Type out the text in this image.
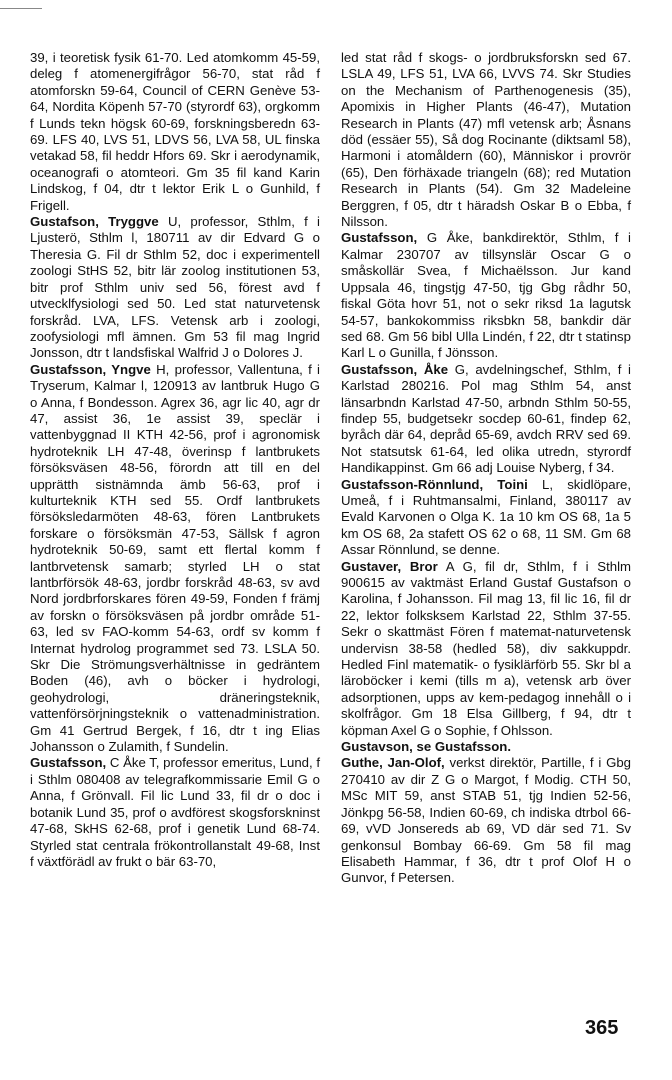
39, i teoretisk fysik 61-70. Led atomkomm 45-59, deleg f atomenergifrågor 56-70, stat råd f atomforskn 59-64, Council of CERN Genève 53-64, Nordita Köpenh 57-70 (styrordf 63), orgkomm f Lunds tekn högsk 60-69, forskningsberedn 63-69. LFS 40, LVS 51, LDVS 56, LVA 58, UL finska vetakad 58, fil heddr Hfors 69. Skr i aerodynamik, oceanografi o atomteori. Gm 35 fil kand Karin Lindskog, f 04, dtr t lektor Erik L o Gunhild, f Frigell.

Gustafson, Tryggve U, professor, Sthlm, f i Ljusterö, Sthlm l, 180711 av dir Edvard G o Theresia G. Fil dr Sthlm 52, doc i experimentell zoologi StHS 52, bitr lär zoolog institutionen 53, bitr prof Sthlm univ sed 56, förest avd f utvecklfysiologi sed 50. Led stat naturvetensk forskråd. LVA, LFS. Vetensk arb i zoologi, zoofysiologi mfl ämnen. Gm 53 fil mag Ingrid Jonsson, dtr t landsfiskal Walfrid J o Dolores J.

Gustafsson, Yngve H, professor, Vallentuna, f i Tryserum, Kalmar l, 120913 av lantbruk Hugo G o Anna, f Bondesson. Agrex 36, agr lic 40, agr dr 47, assist 36, 1e assist 39, speclär i vattenbyggnad II KTH 42-56, prof i agronomisk hydroteknik LH 47-48, överinsp f lantbrukets försöksväsen 48-56, förordn att till en del upprätth sistnämnda ämb 56-63, prof i kulturteknik KTH sed 55. Ordf lantbrukets försöksledarmöten 48-63, fören Lantbrukets forskare o försöksmän 47-53, Sällsk f agron hydroteknik 50-69, samt ett flertal komm f lantbrvetensk samarb; styrled LH o stat lantbrförsök 48-63, jordbr forskråd 48-63, sv avd Nord jordbrforskares fören 49-59, Fonden f främj av forskn o försöksväsen på jordbr områdе 51-63, led sv FAO-komm 54-63, ordf sv komm f Internat hydrolog programmet sed 73. LSLA 50. Skr Die Strömungsverhältnisse in gedräntem Boden (46), avh o böcker i hydrologi, geohydrologi, dräneringsteknik, vattenförsörjningsteknik o vattenadministration. Gm 41 Gertrud Bergek, f 16, dtr t ing Elias Johansson o Zulamith, f Sundelin.

Gustafsson, C Åke T, professor emeritus, Lund, f i Sthlm 080408 av telegrafkommissarie Emil G o Anna, f Grönvall. Fil lic Lund 33, fil dr o doc i botanik Lund 35, prof o avdförest skogsforskninst 47-68, SkHS 62-68, prof i genetik Lund 68-74. Styrled stat centrala frökontrollanstalt 49-68, Inst f växtförädl av frukt o bär 63-70,

led stat råd f skogs- o jordbruksforskn sed 67. LSLA 49, LFS 51, LVA 66, LVVS 74. Skr Studies on the Mechanism of Parthenogenesis (35), Apomixis in Higher Plants (46-47), Mutation Research in Plants (47) mfl vetensk arb; Åsnans död (essäer 55), Så dog Rocinante (diktsaml 58), Harmoni i atomåldern (60), Människor i provrör (65), Den förhäxade triangeln (68); red Mutation Research in Plants (54). Gm 32 Madeleine Berggren, f 05, dtr t häradsh Oskar B o Ebba, f Nilsson.

Gustafsson, G Åke, bankdirektör, Sthlm, f i Kalmar 230707 av tillsynslär Oscar G o småskollär Svea, f Michaëlsson. Jur kand Uppsala 46, tingstjg 47-50, tjg Gbg rådhr 50, fiskal Göta hovr 51, not o sekr riksd 1a lagutsk 54-57, bankokommiss riksbkn 58, bankdir där sed 68. Gm 56 bibl Ulla Lindén, f 22, dtr t statinsp Karl L o Gunilla, f Jönsson.

Gustafsson, Åke G, avdelningschef, Sthlm, f i Karlstad 280216. Pol mag Sthlm 54, anst länsarbndn Karlstad 47-50, arbndn Sthlm 50-55, findep 55, budgetsekr socdep 60-61, findep 62, byråch där 64, depråd 65-69, avdch RRV sed 69. Not statsutsk 61-64, led olika utredn, styrordf Handikappinst. Gm 66 adj Louise Nyberg, f 34.

Gustafsson-Rönnlund, Toini L, skidlöpare, Umeå, f i Ruhtmansalmi, Finland, 380117 av Evald Karvonen o Olga K. 1a 10 km OS 68, 1a 5 km OS 68, 2a stafett OS 62 o 68, 11 SM. Gm 68 Assar Rönnlund, se denne.

Gustaver, Bror A G, fil dr, Sthlm, f i Sthlm 900615 av vaktmäst Erland Gustaf Gustafson o Karolina, f Johansson. Fil mag 13, fil lic 16, fil dr 22, lektor folksksem Karlstad 22, Sthlm 37-55. Sekr o skattmäst Fören f matemat-naturvetensk undervisn 38-58 (hedled 58), div sakkuppdr. Hedled Finl matematik- o fysiklärförb 55. Skr bl a läroböcker i kemi (tills m a), vetensk arb över adsorptionen, upps av kem-pedagog innehåll o i skolfrågor. Gm 18 Elsa Gillberg, f 94, dtr t köpman Axel G o Sophie, f Ohlsson.

Gustavson, se Gustafsson.

Guthe, Jan-Olof, verkst direktör, Partille, f i Gbg 270410 av dir Z G o Margot, f Modig. CTH 50, MSc MIT 59, anst STAB 51, tjg Indien 52-56, Jönkpg 56-58, Indien 60-69, ch indiska dtrbol 66-69, vVD Jonsereds ab 69, VD där sed 71. Sv genkonsul Bombay 66-69. Gm 58 fil mag Elisabeth Hammar, f 36, dtr t prof Olof H o Gunvor, f Petersen.

365
